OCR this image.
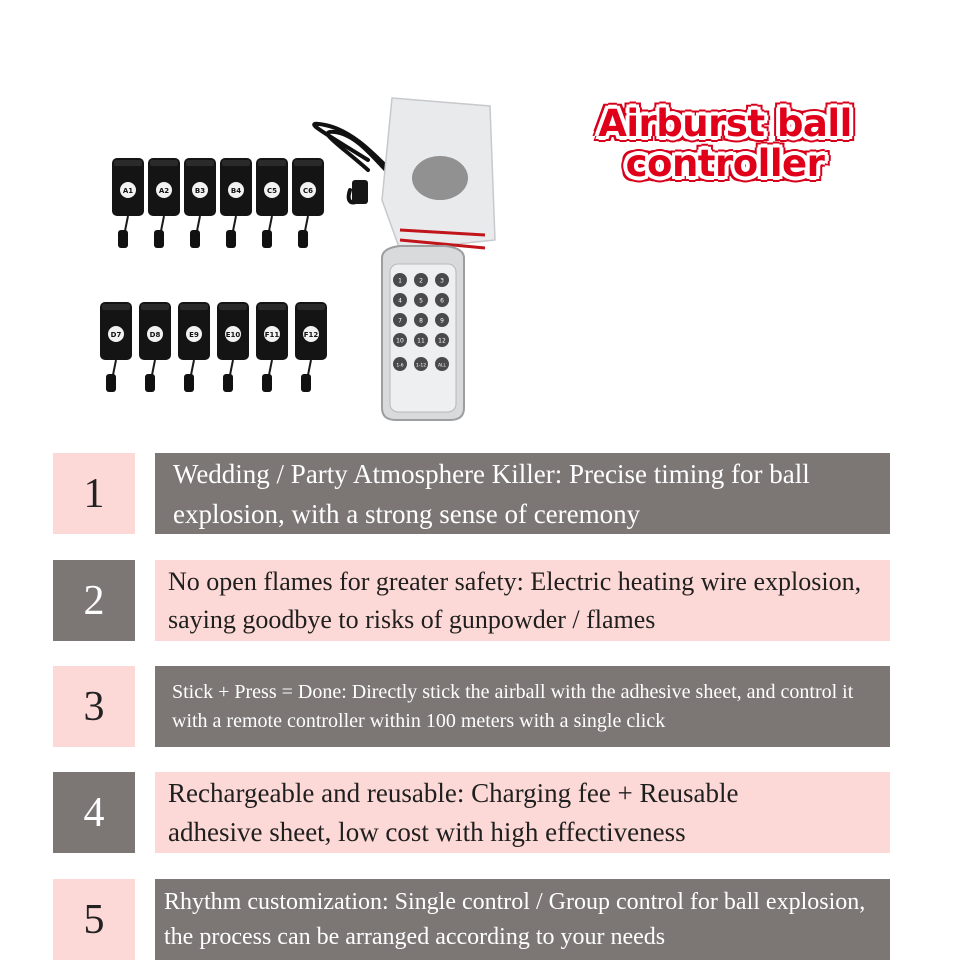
Airburst ball
controller
1	2	3
4	5	6
7	8	9
10 11 12
1-6	1-12	ALL
A1	A2	B3	B4	C5	C6
D7	D8	E9	E10	F11	F12
1	Wedding / Party Atmosphere Killer: Precise timing for ball explosion, with a strong sense of ceremony
2 No open flames for greater safety: Electric heating wire explosion, saying goodbye to risks of gunpowder / flames
3	Stick + Press = Done: Directly stick the airball with the adhesive sheet, and control it with a remote controller within 100 meters with a single click
4 Rechargeable and reusable: Charging fee + Reusable adhesive sheet, low cost with high effectiveness
5 Rhythm customization: Single control / Group control for ball explosion, the process can be arranged according to your needs
